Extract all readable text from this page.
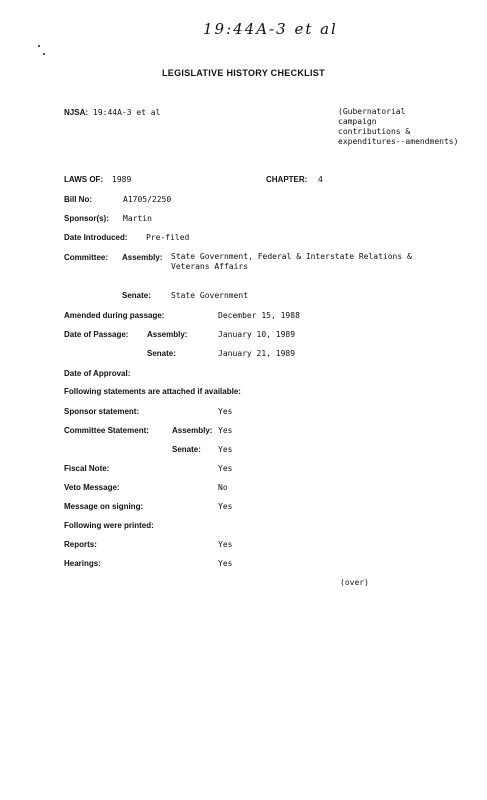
19:44A-3 et al
LEGISLATIVE HISTORY CHECKLIST
NJSA: 19:44A-3 et al	(Gubernatorial
campaign
contributions &
expenditures--amendments)
LAWS OF: 1989	CHAPTER: 4
Bill No:	A1705/2250
Sponsor(s): Martin
Date Introduced: Pre-filed
Committee: Assembly: State Government, Federal & Interstate Relations &
Veterans Affairs
Senate:	State Government
Amended during passage:	December 15, 1988
Date of Passage: Assembly:	January 10, 1989
Senate:	January 21, 1989
Date of Approval:
Following statements are attached if available:
Sponsor statement:	Yes
Committee Statement:	Assembly: Yes
Senate: Yes
Fiscal Note:	Yes
Veto Message:	No
Message on signing:	Yes
Following were printed:
Reports:	Yes
Hearings:	Yes
(over)
